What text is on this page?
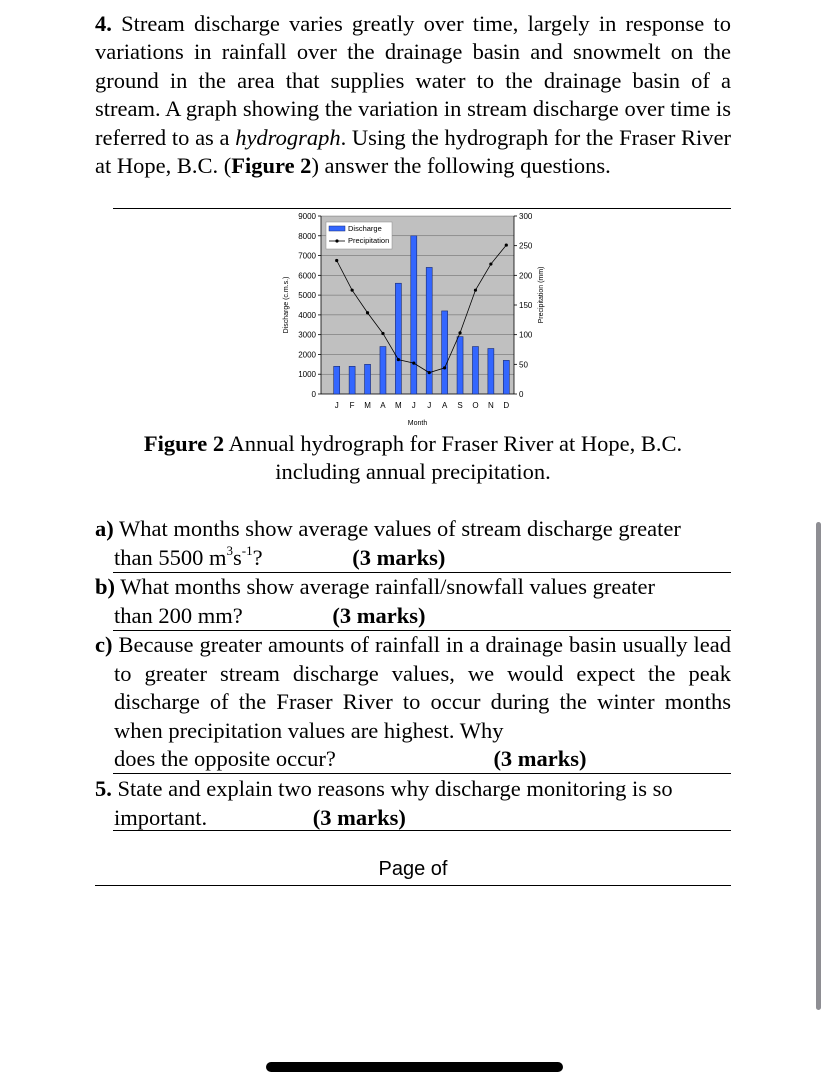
4. Stream discharge varies greatly over time, largely in response to variations in rainfall over the drainage basin and snowmelt on the ground in the area that supplies water to the drainage basin of a stream. A graph showing the variation in stream discharge over time is referred to as a hydrograph. Using the hydrograph for the Fraser River at Hope, B.C. (Figure 2) answer the following questions.
0
1000
2000
3000
4000
5000
6000
7000
8000
9000
0
50
100
150
200
250
300
J F M A M J J A S O N D
Discharge
Precipitation
Month
Discharge (c.m.s.)	Precipitation (mm)
Figure 2 Annual hydrograph for Fraser River at Hope, B.C.
including annual precipitation.
a) What months show average values of stream discharge greater
than 5500 $m^3s^{-1}$?	(3 marks)
b) What months show average rainfall/snowfall values greater
than 200 mm?	(3 marks)
c) Because greater amounts of rainfall in a drainage basin usually lead to greater stream discharge values, we would expect the peak discharge of the Fraser River to occur during the winter months when precipitation values are highest. Why
does the opposite occur?	(3 marks)
5. State and explain two reasons why discharge monitoring is so
important.	(3 marks)
Page of
